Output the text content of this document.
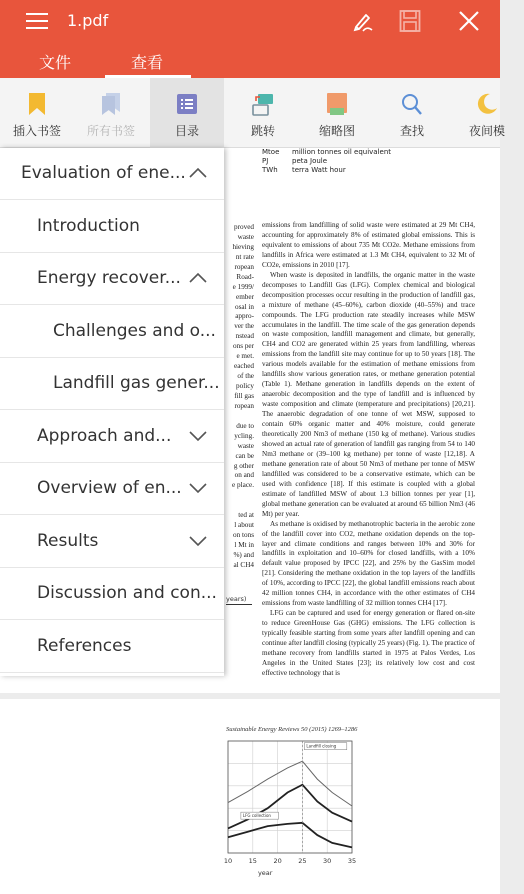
1.pdf
文件	查看
插入书签	所有书签	目录	跳转	缩略图	查找	夜间模
Mtoe million tonnes oil equivalent
PJ	peta Joule
TWh terra Watt hour
proved
waste
hieving
nt rate
ropean
Road-
e 1999/
ember
osal in
appro-
ver the
nstead
ons per
e met.
eached
of the
policy
fill gas
ropean
due to
ycling.
waste
can be
g other
on and
e place.
ted at
l about
on tons
l Mt in
%) and
al CH4

emissions from landfilling of solid waste were estimated at 29 Mt CH4, accounting for approximately 8% of estimated global emissions. This is equivalent to emissions of about 735 Mt CO2e. Methane emissions from landfills in Africa were estimated at 1.3 Mt CH4, equivalent to 32 Mt of CO2e, emissions in 2010 [17].

When waste is deposited in landfills, the organic matter in the waste decomposes to Landfill Gas (LFG). Complex chemical and biological decomposition processes occur resulting in the production of landfill gas, a mixture of methane (45–60%), carbon dioxide (40–55%) and trace compounds. The LFG production rate steadily increases while MSW accumulates in the landfill. The time scale of the gas generation depends on waste composition, landfill management and climate, but generally, CH4 and CO2 are generated within 25 years from landfilling, whereas emissions from the landfill site may continue for up to 50 years [18]. The various models available for the estimation of methane emissions from landfills show various generation rates, or methane generation potential (Table 1). Methane generation in landfills depends on the extent of anaerobic decomposition and the type of landfill and is influenced by waste composition and climate (temperature and precipitations) [20,21]. The anaerobic degradation of one tonne of wet MSW, supposed to contain 60% organic matter and 40% moisture, could generate theoretically 200 Nm3 of methane (150 kg of methane). Various studies showed an actual rate of generation of landfill gas ranging from 54 to 140 Nm3 methane or (39–100 kg methane) per tonne of waste [12,18]. A methane generation rate of about 50 Nm3 of methane per tonne of MSW landfilled was considered to be a conservative estimate, which can be used with confidence [18]. If this estimate is coupled with a global estimate of landfilled MSW of about 1.3 billion tonnes per year [1], global methane generation can be evaluated at around 65 billion Nm3 (46 Mt) per year.

As methane is oxidised by methanotrophic bacteria in the aerobic zone of the landfill cover into CO2, methane oxidation depends on the top-layer and climate conditions and ranges between 10% and 30% for landfills in exploitation and 10–60% for closed landfills, with a 10% default value proposed by IPCC [22], and 25% by the GasSim model [21]. Considering the methane oxidation in the top layers of the landfills of 10%, according to IPCC [22], the global landfill emissions reach about 42 million tonnes CH4, in accordance with the other estimates of CH4 emissions from waste landfilling of 32 million tonnes CH4 [17].

LFG can be captured and used for energy generation or flared on-site to reduce GreenHouse Gas (GHG) emissions. The LFG collection is typically feasible starting from some years after landfill opening and can continue after landfill closing (typically 25 years) (Fig. 1). The practice of methane recovery from landfills started in 1975 at Palos Verdes, Los Angeles in the United States [23]; its relatively low cost and cost effective technology that is

years)
Sustainable Energy Reviews 50 (2015) 1269–1286
Landfill closing
LFG collection
10	15	20	25	30	35
year
Evaluation of ene...
Introduction
Energy recover...
Challenges and o...
Landfill gas gener...
Approach and...
Overview of en...
Results
Discussion and con...
References
